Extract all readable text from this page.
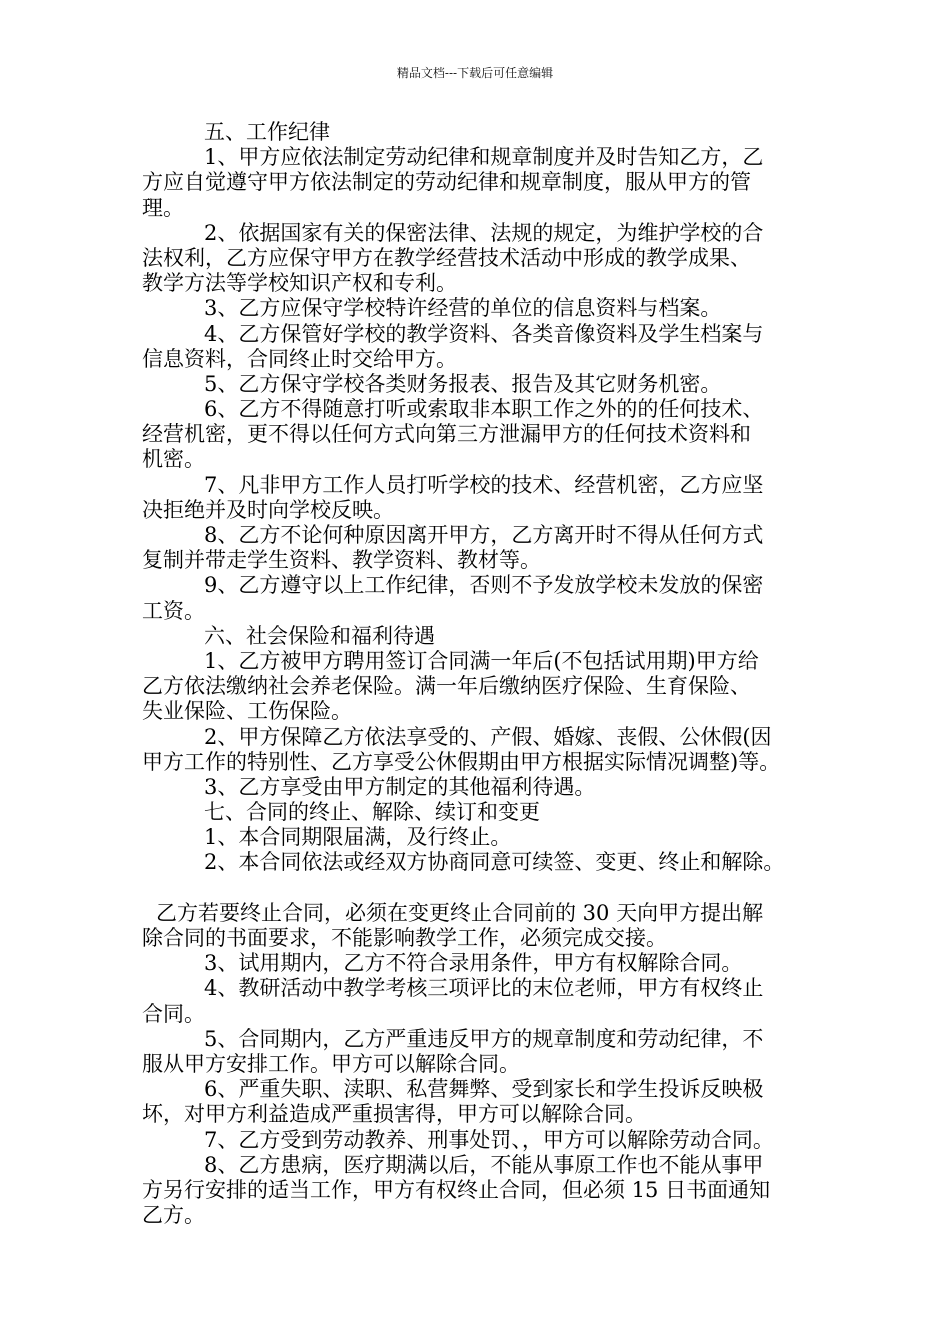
精品文档---下载后可任意编辑
五、工作纪律
1、甲方应依法制定劳动纪律和规章制度并及时告知乙方，乙
方应自觉遵守甲方依法制定的劳动纪律和规章制度，服从甲方的管
理。
2、依据国家有关的保密法律、法规的规定，为维护学校的合
法权利，乙方应保守甲方在教学经营技术活动中形成的教学成果、
教学方法等学校知识产权和专利。
3、乙方应保守学校特许经营的单位的信息资料与档案。
4、乙方保管好学校的教学资料、各类音像资料及学生档案与
信息资料，合同终止时交给甲方。
5、乙方保守学校各类财务报表、报告及其它财务机密。
6、乙方不得随意打听或索取非本职工作之外的的任何技术、
经营机密，更不得以任何方式向第三方泄漏甲方的任何技术资料和
机密。
7、凡非甲方工作人员打听学校的技术、经营机密，乙方应坚
决拒绝并及时向学校反映。
8、乙方不论何种原因离开甲方，乙方离开时不得从任何方式
复制并带走学生资料、教学资料、教材等。
9、乙方遵守以上工作纪律，否则不予发放学校未发放的保密
工资。
六、社会保险和福利待遇
1、乙方被甲方聘用签订合同满一年后(不包括试用期)甲方给
乙方依法缴纳社会养老保险。满一年后缴纳医疗保险、生育保险、
失业保险、工伤保险。
2、甲方保障乙方依法享受的、产假、婚嫁、丧假、公休假(因
甲方工作的特别性、乙方享受公休假期由甲方根据实际情况调整)等。
3、乙方享受由甲方制定的其他福利待遇。
七、合同的终止、解除、续订和变更
1、本合同期限届满，及行终止。
2、本合同依法或经双方协商同意可续签、变更、终止和解除。
乙方若要终止合同，必须在变更终止合同前的 30 天向甲方提出解
除合同的书面要求，不能影响教学工作，必须完成交接。
3、试用期内，乙方不符合录用条件，甲方有权解除合同。
4、教研活动中教学考核三项评比的末位老师，甲方有权终止
合同。
5、合同期内，乙方严重违反甲方的规章制度和劳动纪律，不
服从甲方安排工作。甲方可以解除合同。
6、严重失职、渎职、私营舞弊、受到家长和学生投诉反映极
坏，对甲方利益造成严重损害得，甲方可以解除合同。
7、乙方受到劳动教养、刑事处罚、，甲方可以解除劳动合同。
8、乙方患病，医疗期满以后，不能从事原工作也不能从事甲
方另行安排的适当工作，甲方有权终止合同，但必须 15 日书面通知
乙方。
